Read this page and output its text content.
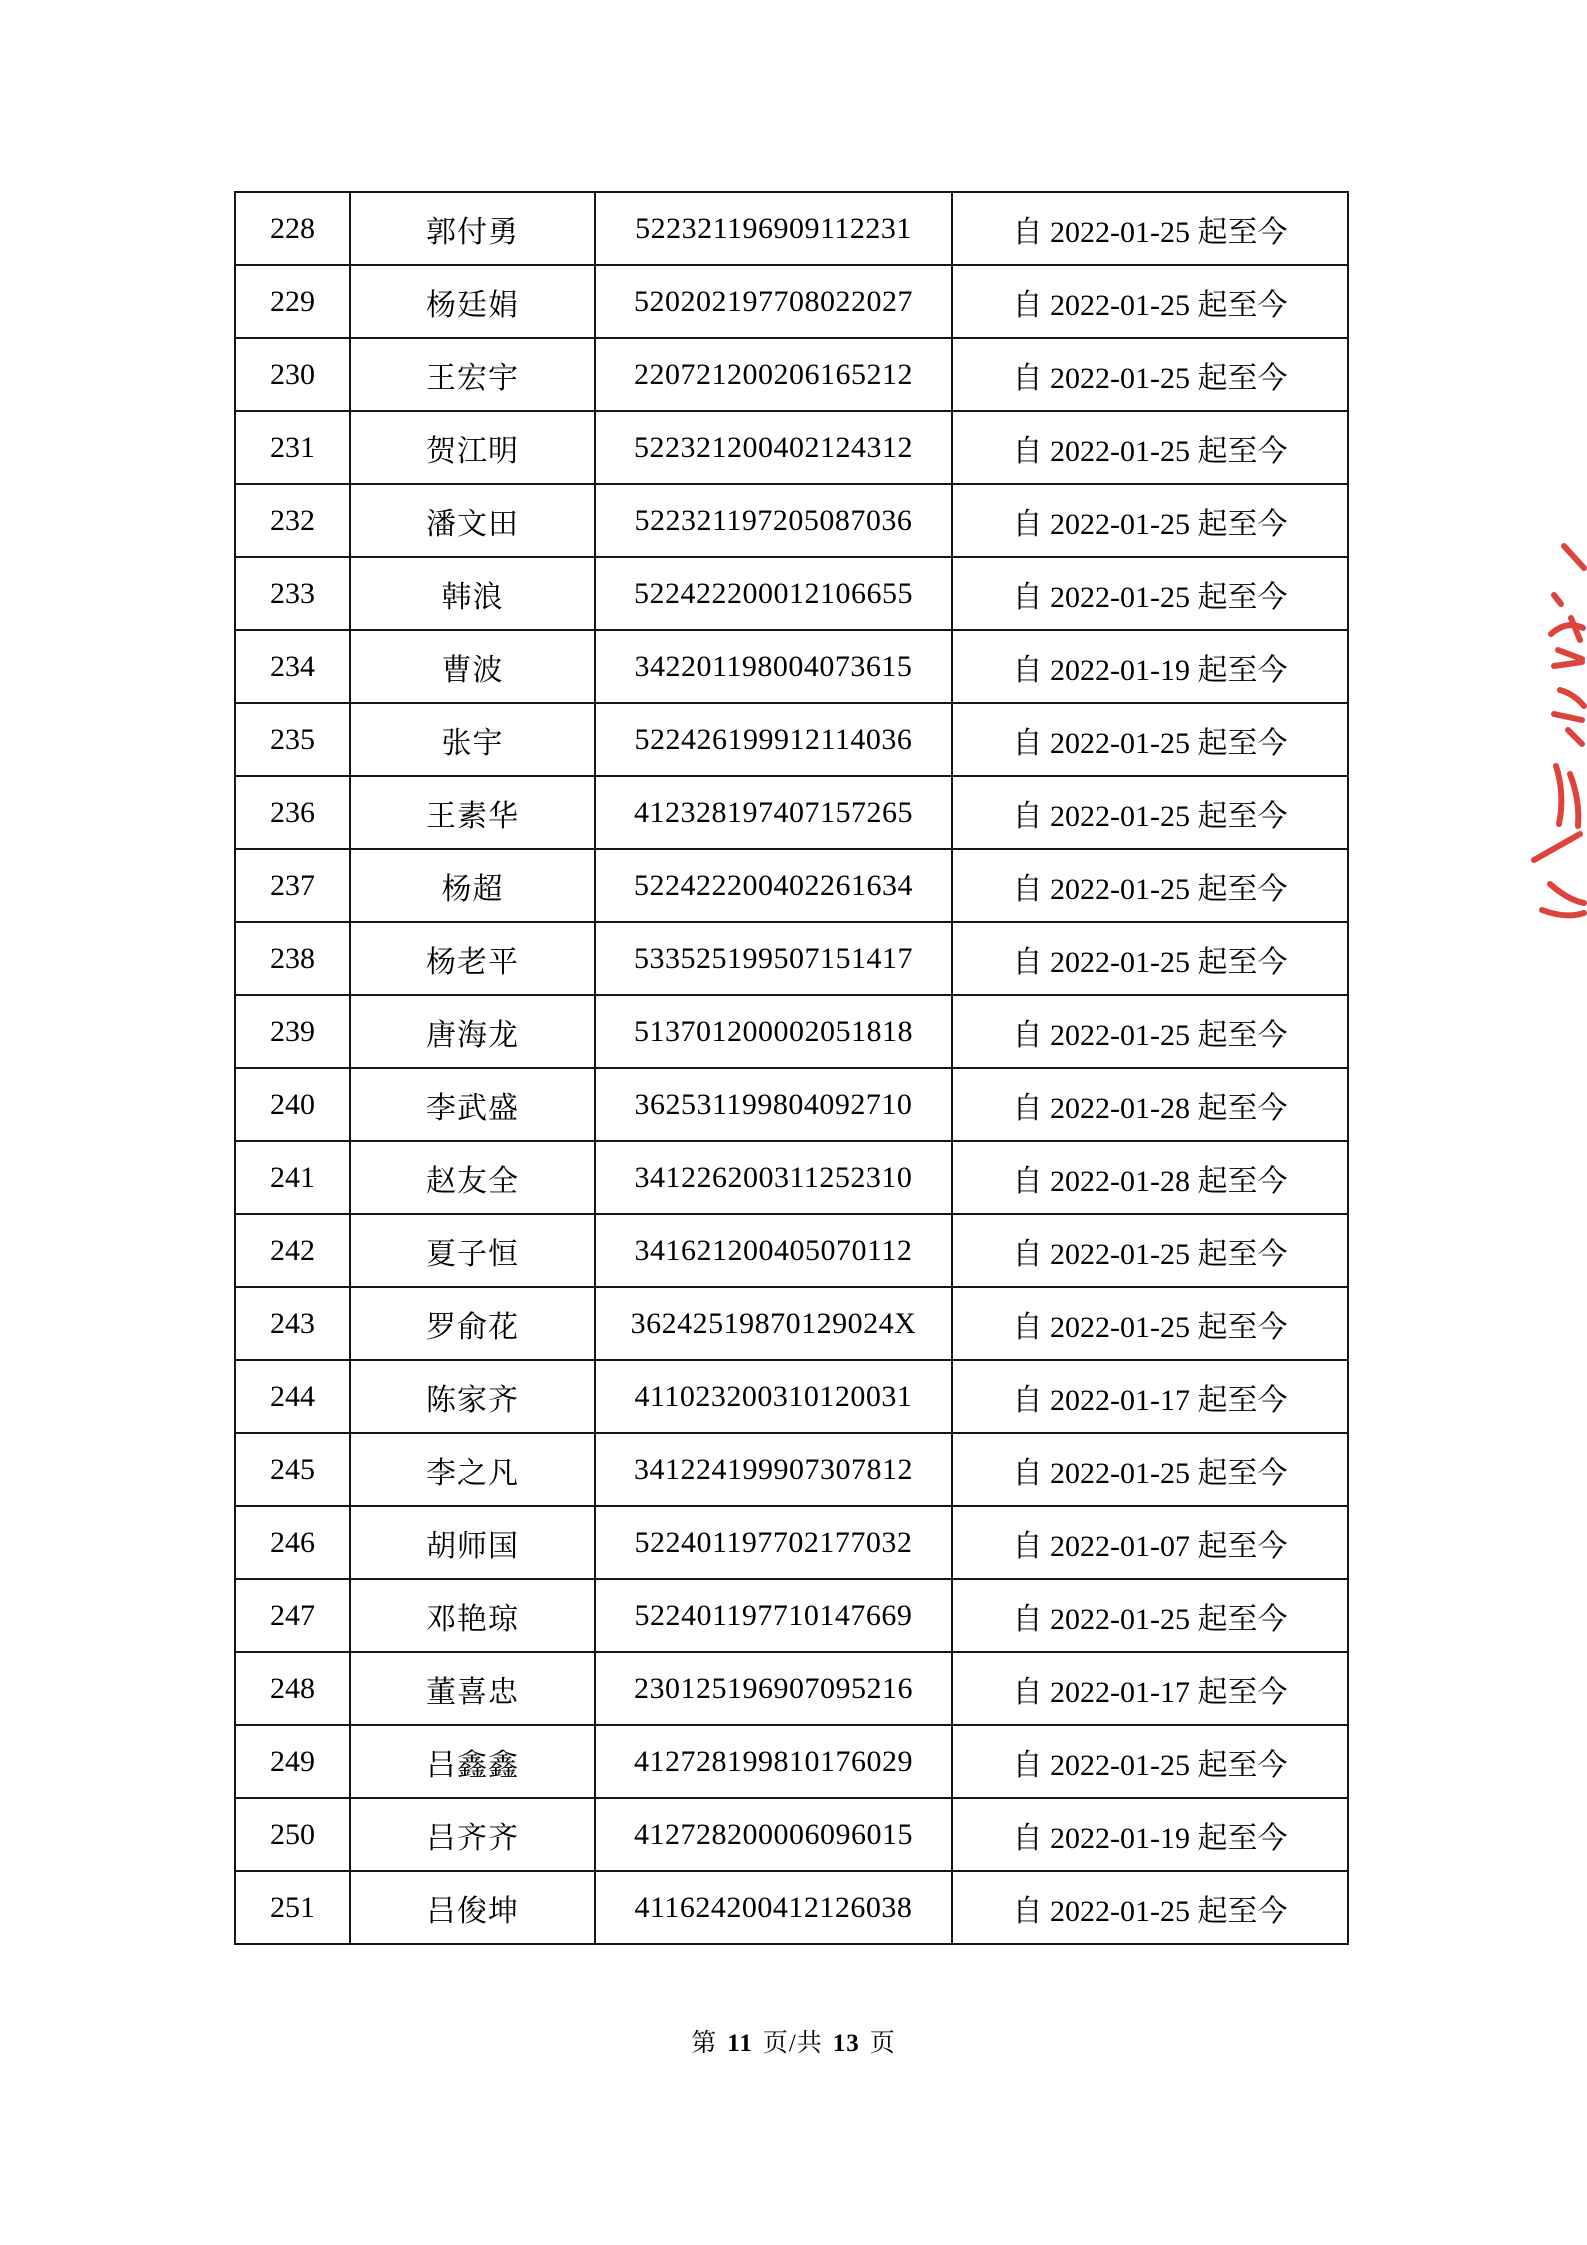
228	郭付勇	522321196909112231	自 2022-01-25 起至今
229	杨廷娟	520202197708022027	自 2022-01-25 起至今
230	王宏宇	220721200206165212	自 2022-01-25 起至今
231	贺江明	522321200402124312	自 2022-01-25 起至今
232	潘文田	522321197205087036	自 2022-01-25 起至今
233	韩浪	522422200012106655	自 2022-01-25 起至今
234	曹波	342201198004073615	自 2022-01-19 起至今
235	张宇	522426199912114036	自 2022-01-25 起至今
236	王素华	412328197407157265	自 2022-01-25 起至今
237	杨超	522422200402261634	自 2022-01-25 起至今
238	杨老平	533525199507151417	自 2022-01-25 起至今
239	唐海龙	513701200002051818	自 2022-01-25 起至今
240	李武盛	362531199804092710	自 2022-01-28 起至今
241	赵友全	341226200311252310	自 2022-01-28 起至今
242	夏子恒	341621200405070112	自 2022-01-25 起至今
243	罗俞花	36242519870129024X	自 2022-01-25 起至今
244	陈家齐	411023200310120031	自 2022-01-17 起至今
245	李之凡	341224199907307812	自 2022-01-25 起至今
246	胡师国	522401197702177032	自 2022-01-07 起至今
247	邓艳琼	522401197710147669	自 2022-01-25 起至今
248	董喜忠	230125196907095216	自 2022-01-17 起至今
249	吕鑫鑫	412728199810176029	自 2022-01-25 起至今
250	吕齐齐	412728200006096015	自 2022-01-19 起至今
251	吕俊坤	411624200412126038	自 2022-01-25 起至今
第 11 页/共 13 页
